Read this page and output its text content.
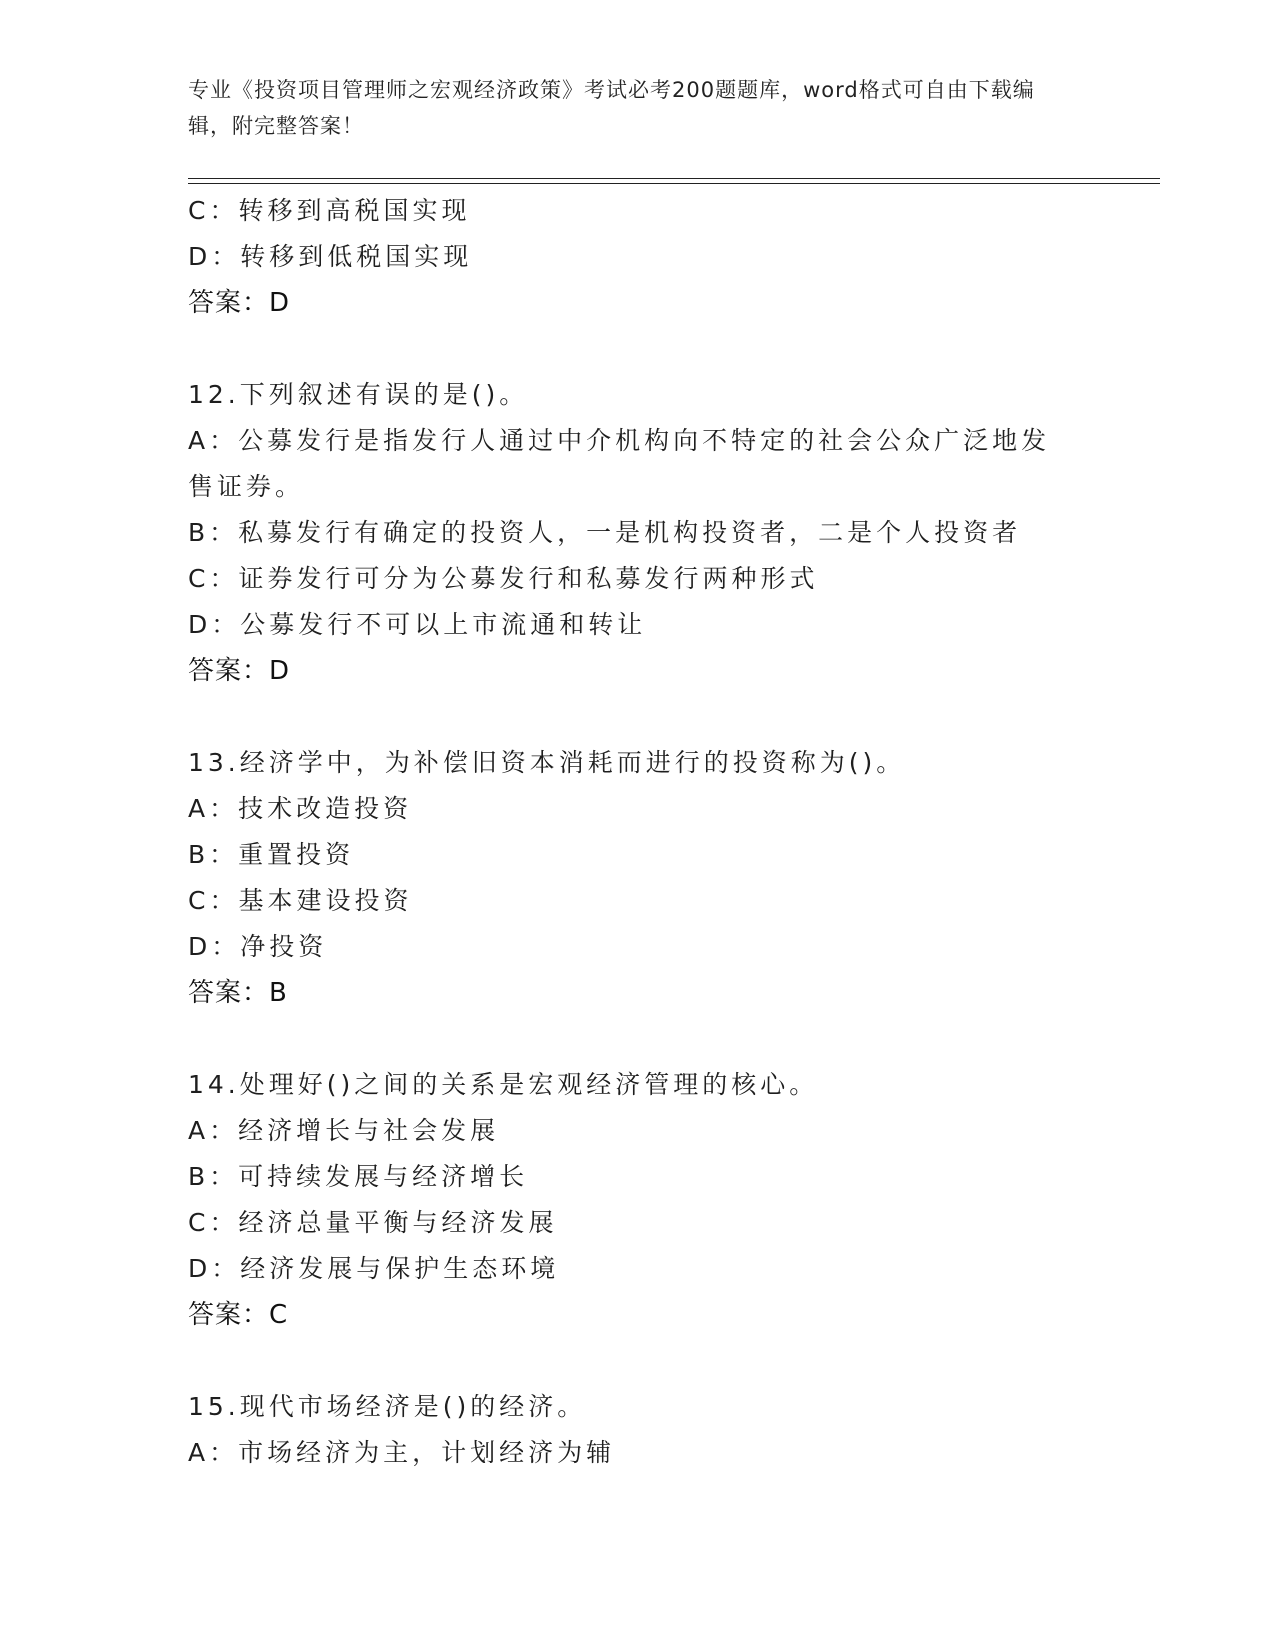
专业《投资项目管理师之宏观经济政策》考试必考200题题库，word格式可自由下载编辑，附完整答案！
C：转移到高税国实现
D：转移到低税国实现
答案：D
12.下列叙述有误的是()。
A：公募发行是指发行人通过中介机构向不特定的社会公众广泛地发售证券。
B：私募发行有确定的投资人，一是机构投资者，二是个人投资者
C：证券发行可分为公募发行和私募发行两种形式
D：公募发行不可以上市流通和转让
答案：D
13.经济学中，为补偿旧资本消耗而进行的投资称为()。
A：技术改造投资
B：重置投资
C：基本建设投资
D：净投资
答案：B
14.处理好()之间的关系是宏观经济管理的核心。
A：经济增长与社会发展
B：可持续发展与经济增长
C：经济总量平衡与经济发展
D：经济发展与保护生态环境
答案：C
15.现代市场经济是()的经济。
A：市场经济为主，计划经济为辅
